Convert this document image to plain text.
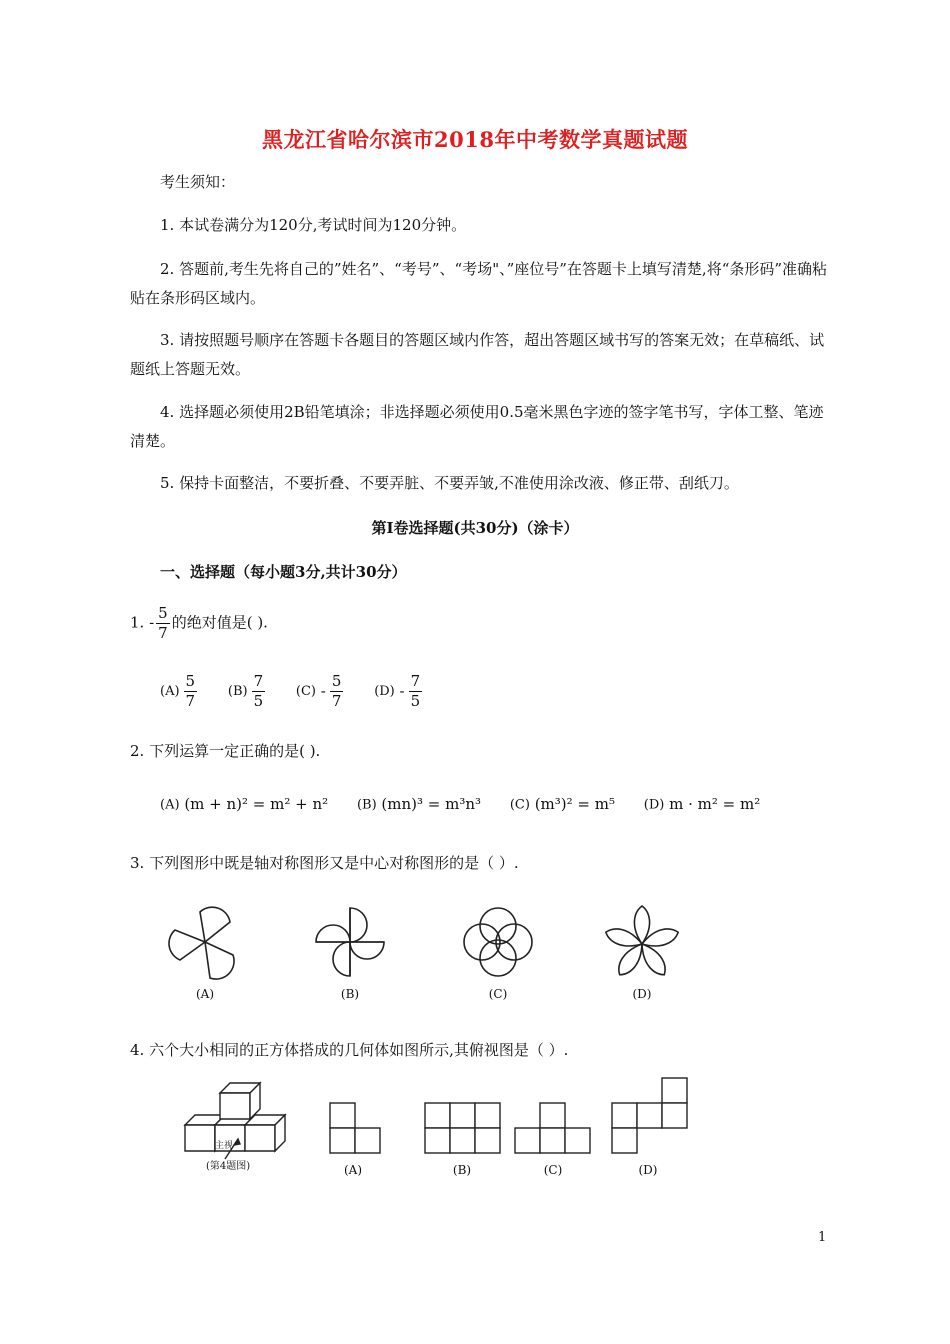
黑龙江省哈尔滨市2018年中考数学真题试题
考生须知：
1. 本试卷满分为120分,考试时间为120分钟。
2. 答题前,考生先将自己的”姓名”、“考号”、“考场"、”座位号”在答题卡上填写清楚,将“条形码”准确粘贴在条形码区域内。
3. 请按照题号顺序在答题卡各题目的答题区域内作答，超出答题区域书写的答案无效；在草稿纸、试题纸上答题无效。
4. 选择题必须使用2B铅笔填涂；非选择题必须使用0.5毫米黑色字迹的签字笔书写，字体工整、笔迹清楚。
5. 保持卡面整洁，不要折叠、不要弄脏、不要弄皱,不准使用涂改液、修正带、刮纸刀。
第Ⅰ卷选择题(共30分)（涂卡）
一、选择题（每小题3分,共计30分）
1. - $\frac{5}{7}$ 的绝对值是( ).
$(A) \frac{5}{7} (B) \frac{7}{5} (C) - \frac{5}{7} (D) - \frac{7}{5}$
2. 下列运算一定正确的是( ).
(A) (m + n)² = m² + n² (B) (mn)³ = m³n³ (C) (m³)² = m⁵ (D) m · m² = m²
3. 下列图形中既是轴对称图形又是中心对称图形的是（ ）.
(A)	(B)	(C)	(D)
4. 六个大小相同的正方体搭成的几何体如图所示,其俯视图是（ ）.
(第4题图)
主视
(A)	(B)	(C)	(D)
1
